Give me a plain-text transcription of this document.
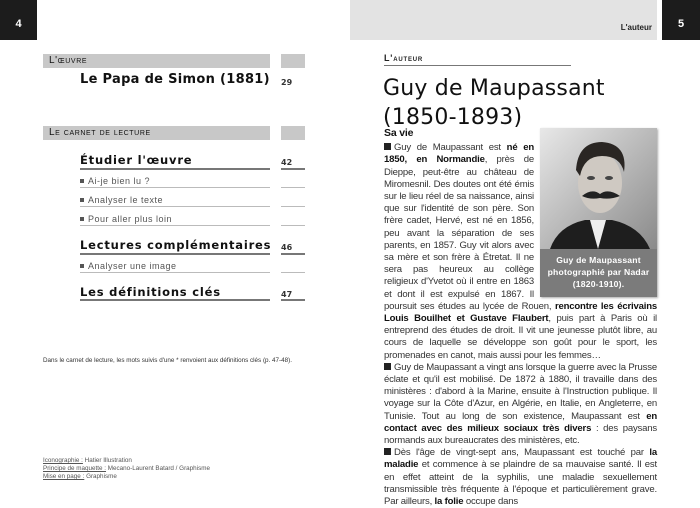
4
L'œuvre
Le Papa de Simon (1881) 29
Le carnet de lecture
Étudier l'œuvre	42
Ai-je bien lu ?
Analyser le texte
Pour aller plus loin
Lectures complémentaires 46
Analyser une image
Les définitions clés	47
Dans le carnet de lecture, les mots suivis d'une * renvoient aux définitions clés (p. 47-48).
Iconographie : Hatier Illustration
Principe de maquette : Mecano-Laurent Batard / Graphisme
Mise en page : Graphisme
L'auteur	5
L'auteur
Guy de Maupassant
(1850-1893)
Sa vie
Guy de Maupassant
photographié par Nadar
(1820-1910).

Guy de Maupassant est né en 1850, en Normandie, près de Dieppe, peut-être au château de Miromesnil. Des doutes ont été émis sur le lieu réel de sa naissance, ainsi que sur l'identité de son père. Son frère cadet, Hervé, est né en 1856, peu avant la séparation de ses parents, en 1857. Guy vit alors avec sa mère et son frère à Étretat. Il ne sera pas heureux au collège religieux d'Yvetot où il entre en 1863 et dont il est expulsé en 1867. Il poursuit ses études au lycée de Rouen, rencontre les écrivains Louis Bouilhet et Gustave Flaubert, puis part à Paris où il entreprend des études de droit. Il vit une jeunesse plutôt libre, au cours de laquelle se développe son goût pour le sport, les promenades en canot, mais aussi pour les femmes…

Guy de Maupassant a vingt ans lorsque la guerre avec la Prusse éclate et qu'il est mobilisé. De 1872 à 1880, il travaille dans des ministères : d'abord à la Marine, ensuite à l'Instruction publique. Il voyage sur la Côte d'Azur, en Algérie, en Italie, en Angleterre, en Tunisie. Tout au long de son existence, Maupassant est en contact avec des milieux sociaux très divers : des paysans normands aux bureaucrates des ministères, etc.

Dès l'âge de vingt-sept ans, Maupassant est touché par la maladie et commence à se plaindre de sa mauvaise santé. Il est en effet atteint de la syphilis, une maladie sexuellement transmissible très fréquente à l'époque et particulièrement grave. Par ailleurs, la folie occupe dans
